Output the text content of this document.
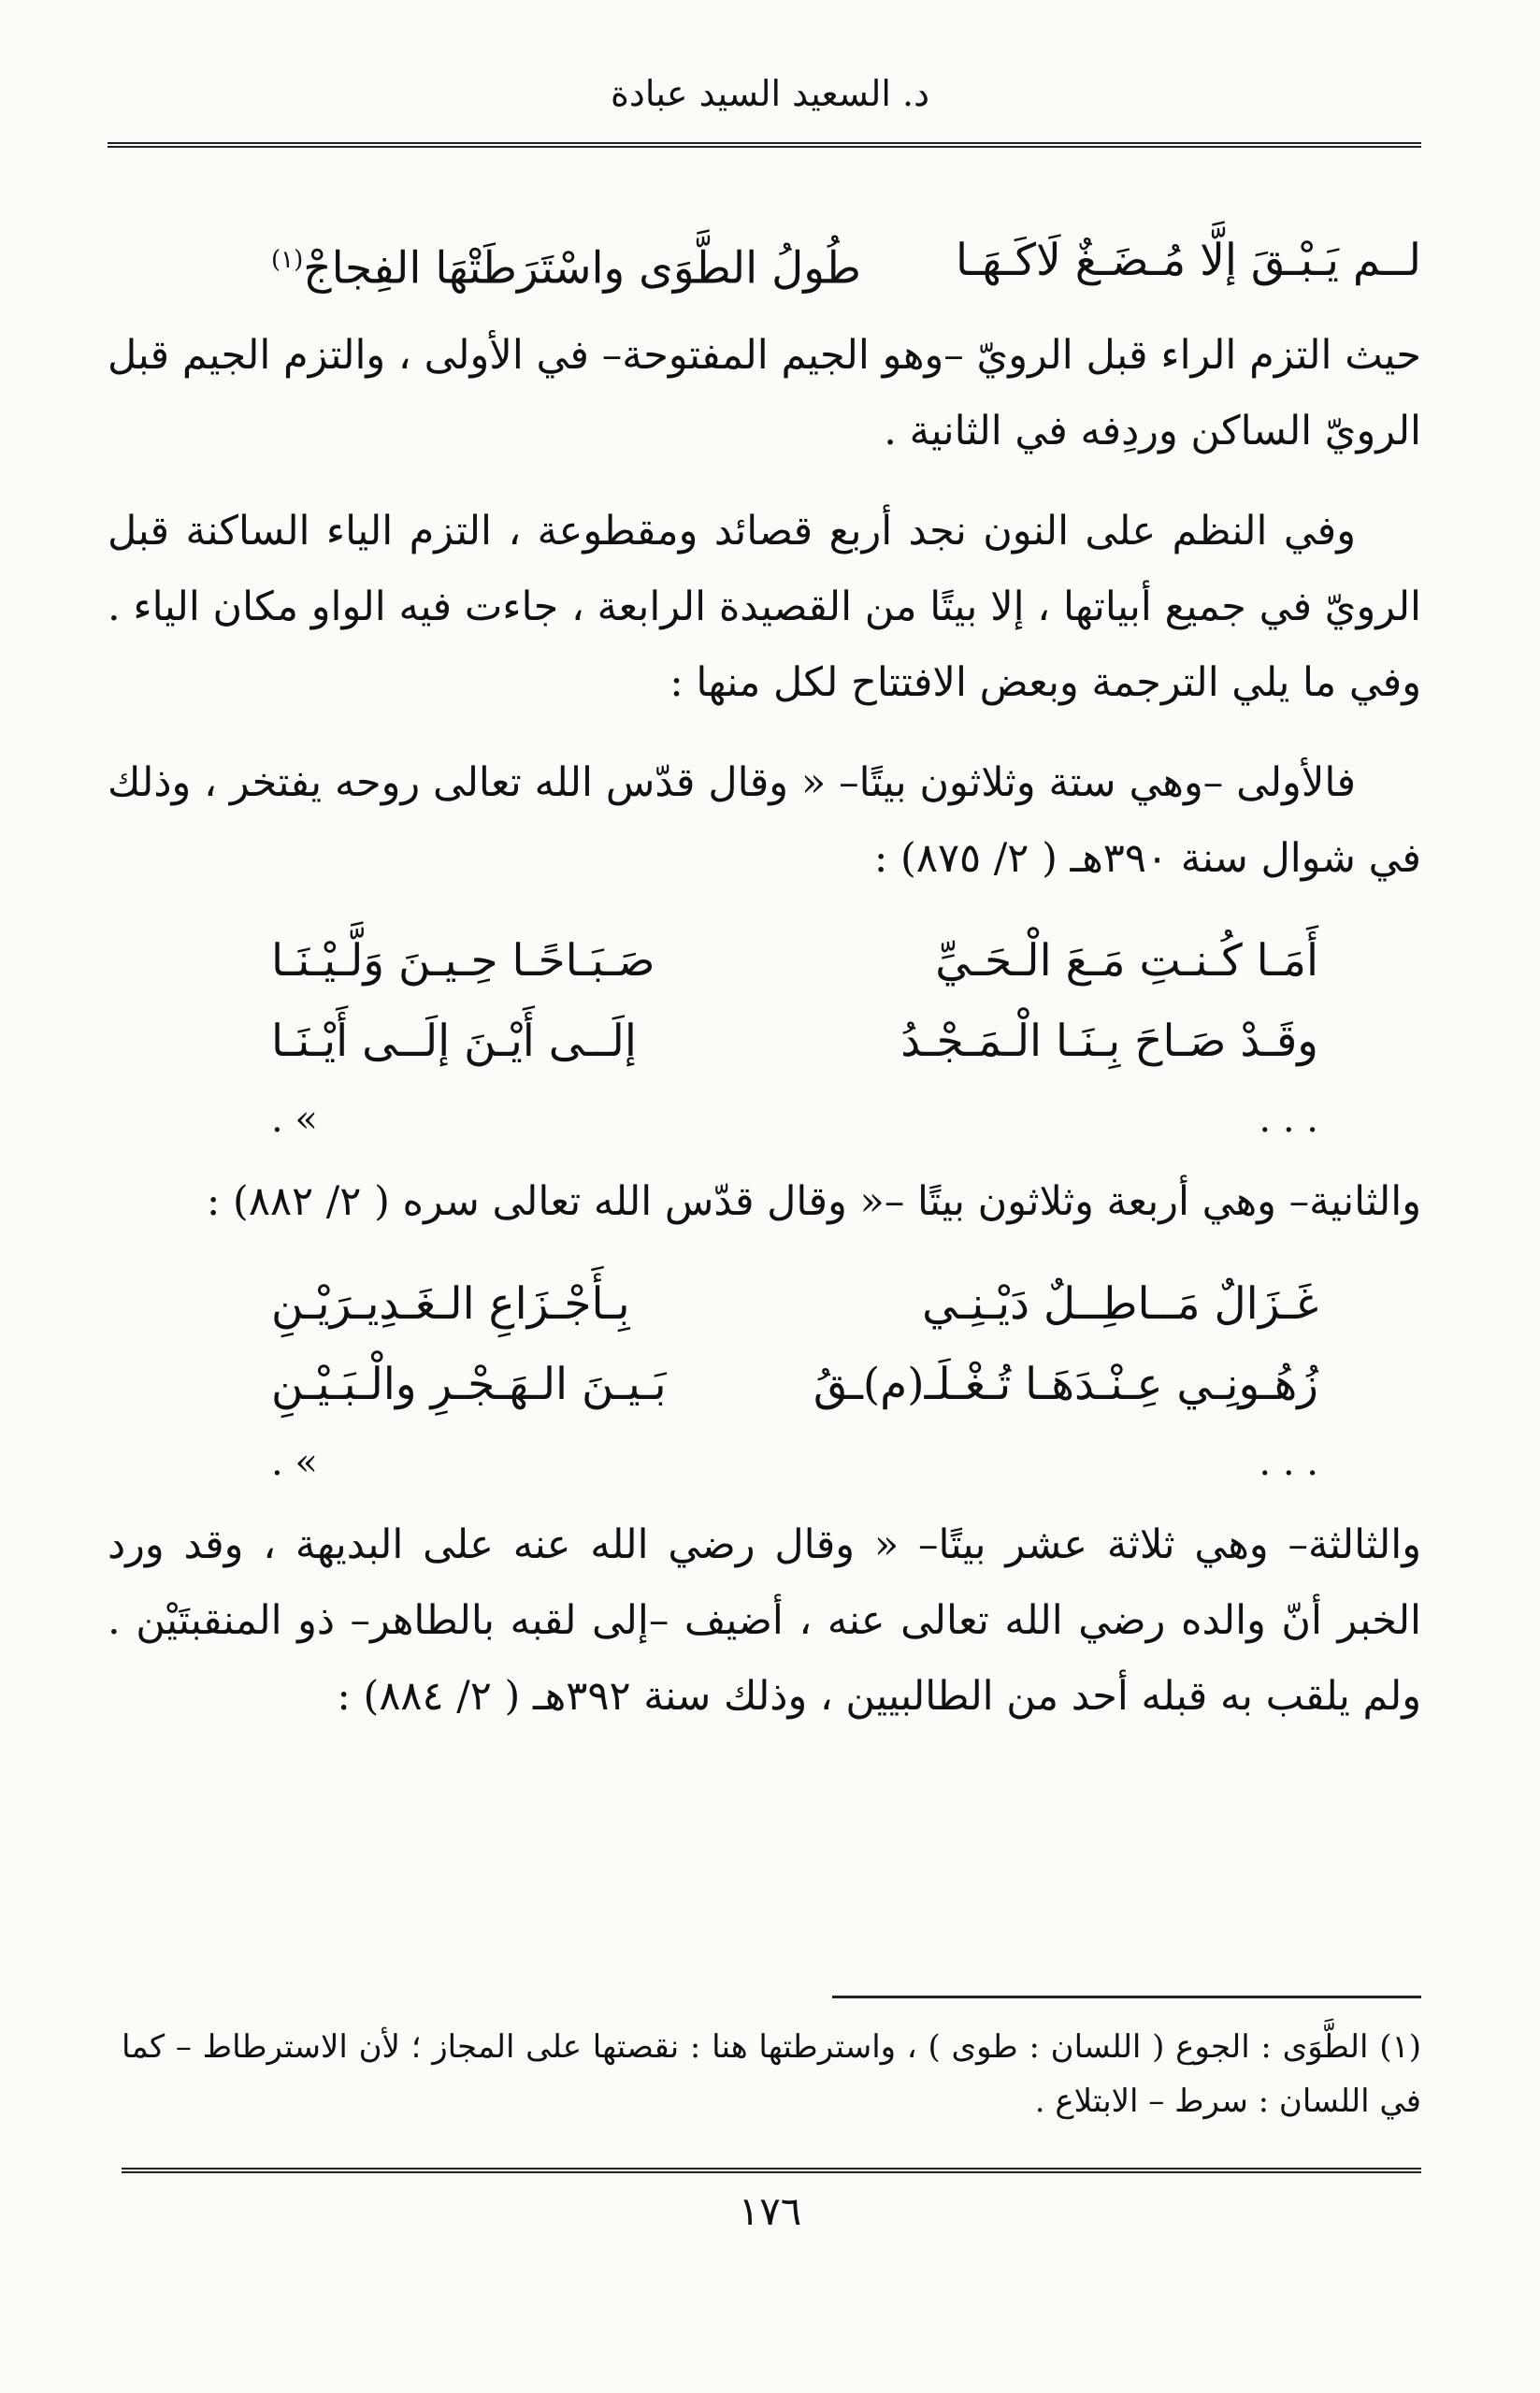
د. السعيد السيد عبادة
لــم يَـبْـقَ إلَّا مُـضَـغٌ لَاكَـهَـا
طُولُ الطَّوَى واسْتَرَطَتْهَا الفِجاجْ$^{(١)}$

حيث التزم الراء قبل الرويّ –وهو الجيم المفتوحة– في الأولى ، والتزم الجيم قبل الرويّ الساكن وردِفه في الثانية .

وفي النظم على النون نجد أربع قصائد ومقطوعة ، التزم الياء الساكنة قبل الرويّ في جميع أبياتها ، إلا بيتًا من القصيدة الرابعة ، جاءت فيه الواو مكان الياء . وفي ما يلي الترجمة وبعض الافتتاح لكل منها :

فالأولى –وهي ستة وثلاثون بيتًا– « وقال قدّس الله تعالى روحه يفتخر ، وذلك في شوال سنة ٣٩٠هـ ( ٢/ ٨٧٥) :

أَمَـا كُـنـتِ مَـعَ الْـحَـيِّ
صَـبَـاحًـا حِـيـنَ وَلَّـيْـنَـا
وقَـدْ صَـاحَ بِـنَـا الْـمَـجْـدُ
إلَــى أَيْـنَ إلَــى أَيْـنَـا
. . .
» .

والثانية– وهي أربعة وثلاثون بيتًا –« وقال قدّس الله تعالى سره ( ٢/ ٨٨٢) :

غَـزَالٌ مَــاطِــلٌ دَيْـنِـي
بِـأَجْـزَاعِ الـغَـدِيـرَيْـنِ
زُهُـونِـي عِـنْـدَهَـا تُـغْـلَـ(م)ـقُ
بَـيـنَ الـهَـجْـرِ والْـبَـيْـنِ
. . .
» .

والثالثة– وهي ثلاثة عشر بيتًا– « وقال رضي الله عنه على البديهة ، وقد ورد الخبر أنّ والده رضي الله تعالى عنه ، أضيف –إلى لقبه بالطاهر– ذو المنقبتَيْن . ولم يلقب به قبله أحد من الطالبيين ، وذلك سنة ٣٩٢هـ ( ٢/ ٨٨٤) :

(١) الطَّوَى : الجوع ( اللسان : طوى ) ، واسترطتها هنا : نقصتها على المجاز ؛ لأن الاسترطاط – كما في اللسان : سرط – الابتلاع .
١٧٦
